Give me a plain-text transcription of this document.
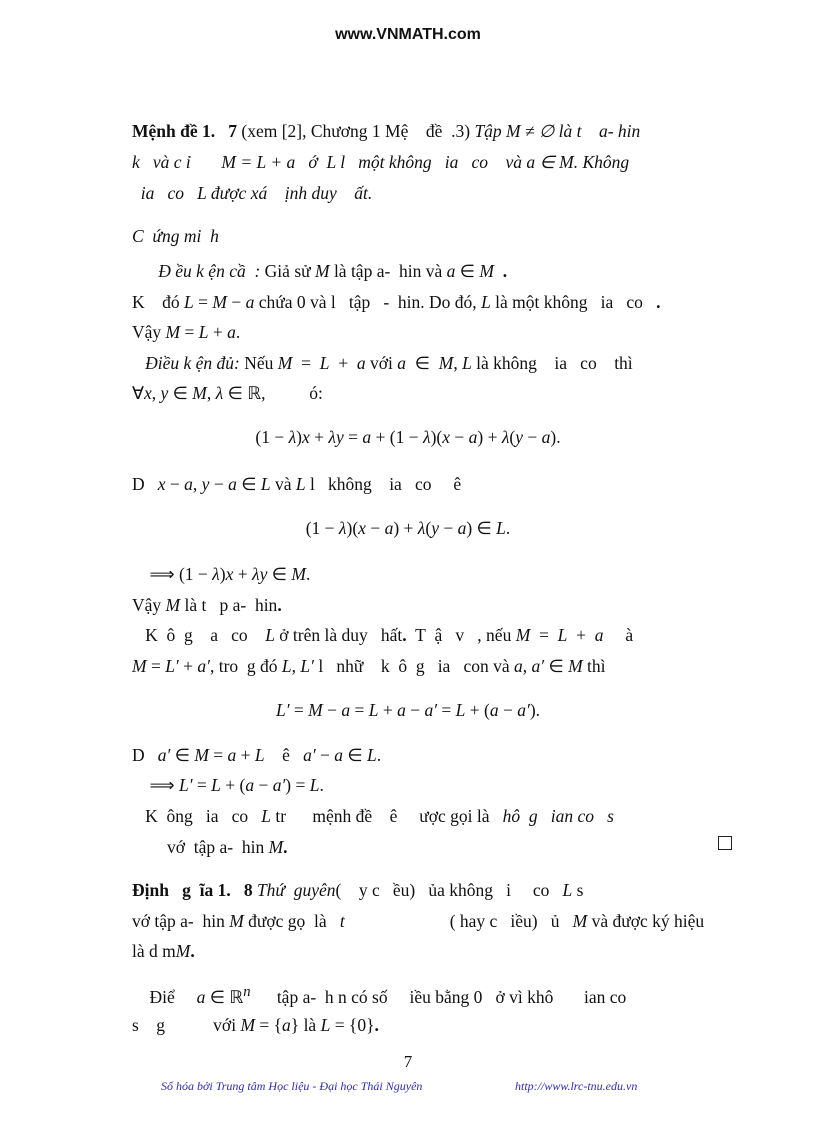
www.VNMATH.com
Mệnh đề 1.   7 (xem [2], Chương 1 Mệ    đề  .3) Tập M ≠ ∅ là t    a- hin
k   và c ỉ       M = L + a   ớ  L l   một không   ia   co    và a ∈ M. Không
ia   co   L được xá    ịnh duy    ất.
C  ứng mi  h
Đ ều k ện cầ  : Giả sử M là tập a-  hin và a ∈ M .
K    đó L = M − a chứa 0 và l   tập   -  hin. Do đó, L là một không   ia   co   .
Vậy M = L + a.
Điều k ện đủ: Nếu M  =  L  +  a với a  ∈  M, L là không    ia   co    thì
∀x, y ∈ M, λ ∈ ℝ,          ó:
(1 − λ)x + λy = a + (1 − λ)(x − a) + λ(y − a).
D   x − a, y − a ∈ L và L l   không    ia   co     ê
(1 − λ)(x − a) + λ(y − a) ∈ L.
⟹ (1 − λ)x + λy ∈ M.
Vậy M là t   p a-  hin.
K  ô  g    a   co    L ở trên là duy   hất.  T  ậ   v   , nếu M  =  L  +  a     à
M = L′ + a′, tro  g đó L, L′ l   nhữ    k  ô  g   ia   con và a, a′ ∈ M thì
L′ = M − a = L + a − a′ = L + (a − a′).
D   a′ ∈ M = a + L    ê   a′ − a ∈ L.
⟹ L′ = L + (a − a′) = L.
K  ông   ia   co   L tr      mệnh đề    ê     ược gọi là   hô  g   ian co   s
vớ  tập a-  hin M.
Định   g  ĩa 1.   8 Thứ  guyên(    y c   ều)   ủa không   i     co   L s
vớ tập a-  hin M được gọ  là   t                        ( hay c   iều)   ủ   M và được ký hiệu
là d mM.
Điể     a ∈ ℝ$^n$      tập a-  h n có số     iều bằng 0   ở vì khô       ian co
s    g           với M = {a} là L = {0}.
7
Số hóa bởi Trung tâm Học liệu - Đại học Thái Nguyên	http://www.lrc-tnu.edu.vn
